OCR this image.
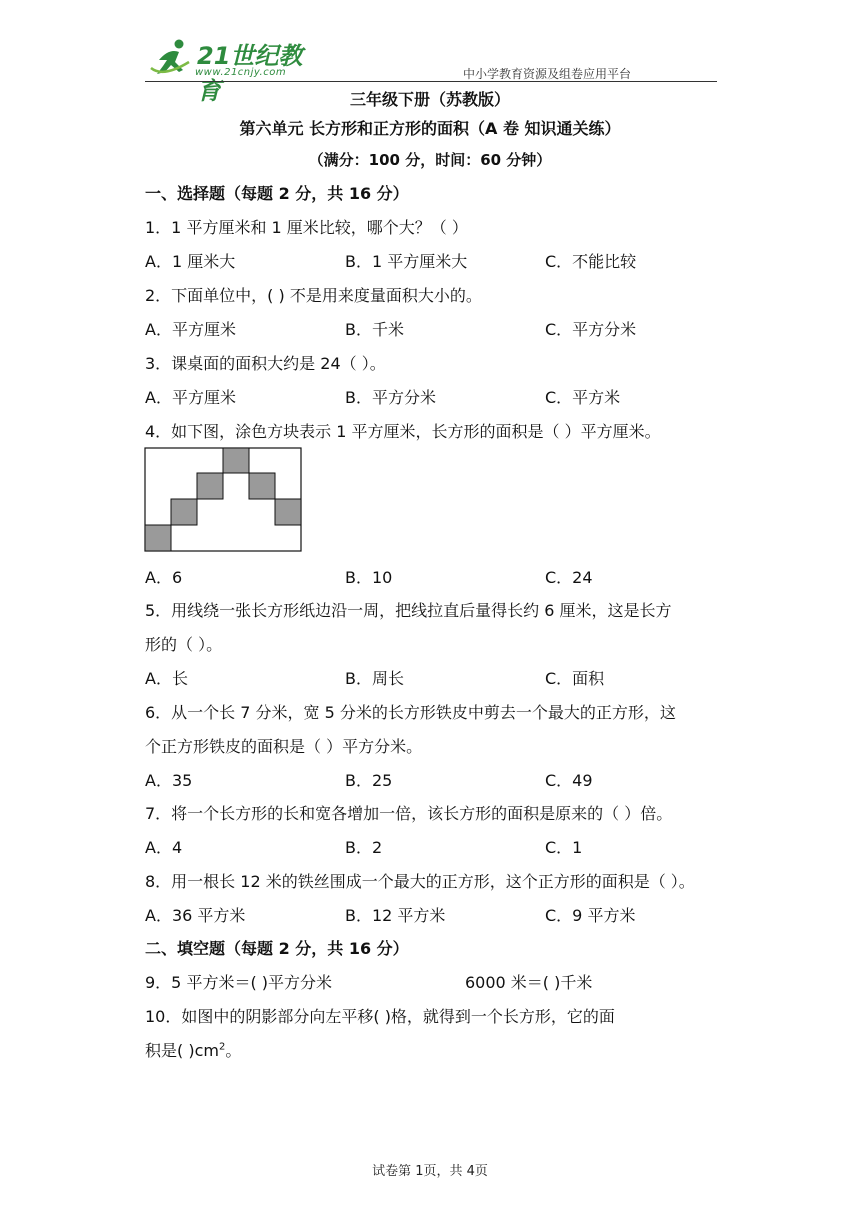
21世纪教育
www.21cnjy.com	中小学教育资源及组卷应用平台
三年级下册（苏教版）
第六单元 长方形和正方形的面积（A 卷 知识通关练）
（满分：100 分，时间：60 分钟）
一、选择题（每题 2 分，共 16 分）
1．1 平方厘米和 1 厘米比较，哪个大？（ ）
A．1 厘米大	B．1 平方厘米大	C．不能比较
2．下面单位中，( ) 不是用来度量面积大小的。
A．平方厘米	B．千米	C．平方分米
3．课桌面的面积大约是 24（ ）。
A．平方厘米	B．平方分米	C．平方米
4．如下图，涂色方块表示 1 平方厘米，长方形的面积是（ ）平方厘米。
A．6	B．10	C．24
5．用线绕一张长方形纸边沿一周，把线拉直后量得长约 6 厘米，这是长方
形的（ ）。
A．长	B．周长	C．面积
6．从一个长 7 分米，宽 5 分米的长方形铁皮中剪去一个最大的正方形，这
个正方形铁皮的面积是（ ）平方分米。
A．35	B．25	C．49
7．将一个长方形的长和宽各增加一倍，该长方形的面积是原来的（ ）倍。
A．4	B．2	C．1
8．用一根长 12 米的铁丝围成一个最大的正方形，这个正方形的面积是（ ）。
A．36 平方米	B．12 平方米	C．9 平方米
二、填空题（每题 2 分，共 16 分）
9．5 平方米＝( )平方分米	6000 米＝( )千米
10．如图中的阴影部分向左平移( )格，就得到一个长方形，它的面
积是( )$cm^2$。
试卷第 1页，共 4页
